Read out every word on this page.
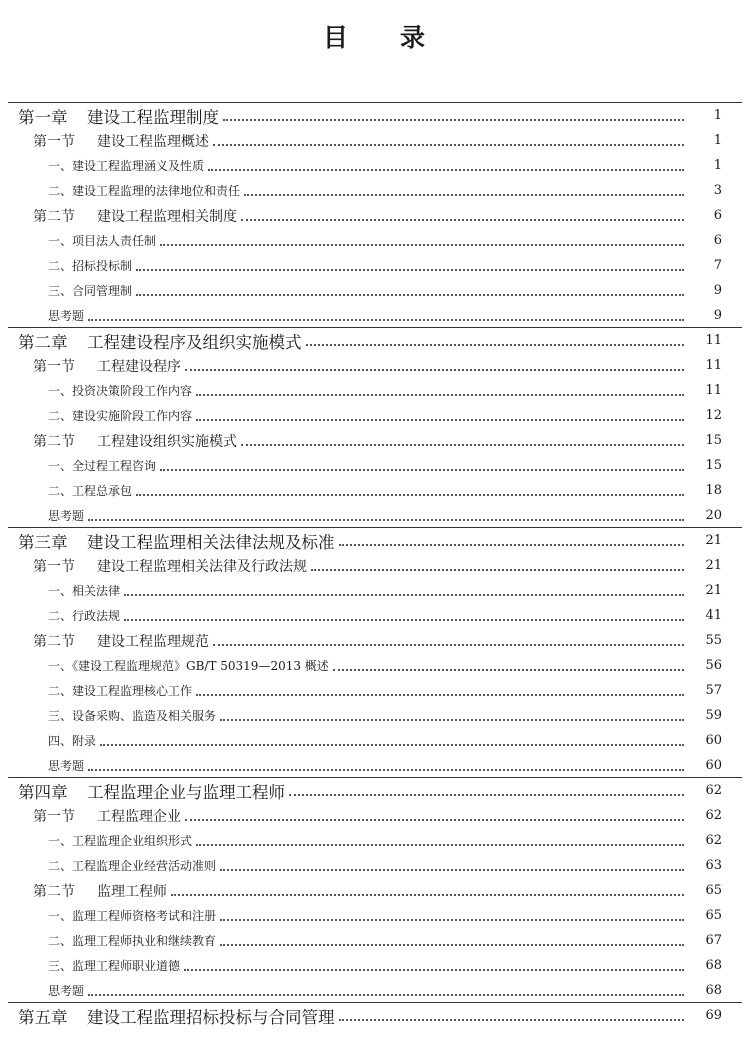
目 录
第一章	建设工程监理制度	1
第一节	建设工程监理概述	1
一、建设工程监理涵义及性质	1
二、建设工程监理的法律地位和责任	3
第二节	建设工程监理相关制度	6
一、项目法人责任制	6
二、招标投标制	7
三、合同管理制	9
思考题	9
第二章	工程建设程序及组织实施模式	11
第一节	工程建设程序	11
一、投资决策阶段工作内容	11
二、建设实施阶段工作内容	12
第二节	工程建设组织实施模式	15
一、全过程工程咨询	15
二、工程总承包	18
思考题	20
第三章	建设工程监理相关法律法规及标准	21
第一节	建设工程监理相关法律及行政法规	21
一、相关法律	21
二、行政法规	41
第二节	建设工程监理规范	55
一、《建设工程监理规范》GB/T 50319—2013 概述	56
二、建设工程监理核心工作	57
三、设备采购、监造及相关服务	59
四、附录	60
思考题	60
第四章	工程监理企业与监理工程师	62
第一节	工程监理企业	62
一、工程监理企业组织形式	62
二、工程监理企业经营活动准则	63
第二节	监理工程师	65
一、监理工程师资格考试和注册	65
二、监理工程师执业和继续教育	67
三、监理工程师职业道德	68
思考题	68
第五章	建设工程监理招标投标与合同管理	69
